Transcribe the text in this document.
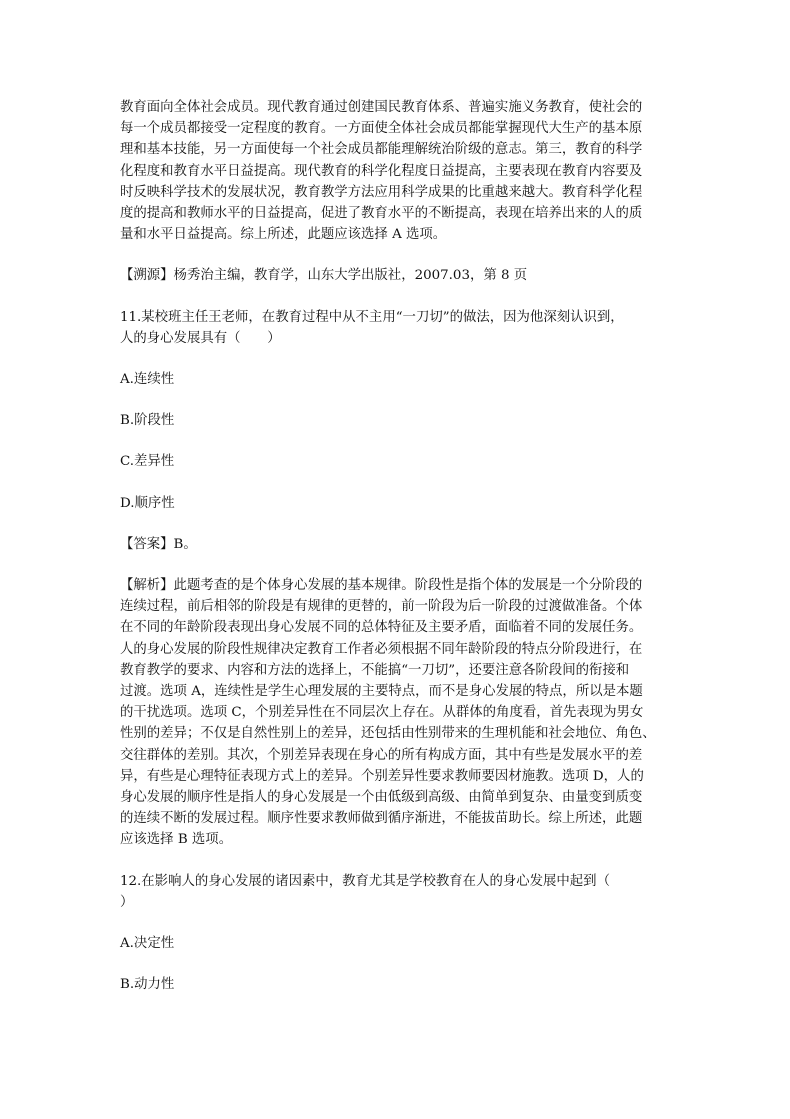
教育面向全体社会成员。现代教育通过创建国民教育体系、普遍实施义务教育，使社会的
每一个成员都接受一定程度的教育。一方面使全体社会成员都能掌握现代大生产的基本原
理和基本技能，另一方面使每一个社会成员都能理解统治阶级的意志。第三，教育的科学
化程度和教育水平日益提高。现代教育的科学化程度日益提高，主要表现在教育内容要及
时反映科学技术的发展状况，教育教学方法应用科学成果的比重越来越大。教育科学化程
度的提高和教师水平的日益提高，促进了教育水平的不断提高，表现在培养出来的人的质
量和水平日益提高。综上所述，此题应该选择 A 选项。

【溯源】杨秀治主编，教育学，山东大学出版社，2007.03，第 8 页

11.某校班主任王老师，在教育过程中从不主用“一刀切”的做法，因为他深刻认识到，
人的身心发展具有（　　）

A.连续性

B.阶段性

C.差异性

D.顺序性

【答案】B。

【解析】此题考查的是个体身心发展的基本规律。阶段性是指个体的发展是一个分阶段的
连续过程，前后相邻的阶段是有规律的更替的，前一阶段为后一阶段的过渡做准备。个体
在不同的年龄阶段表现出身心发展不同的总体特征及主要矛盾，面临着不同的发展任务。
人的身心发展的阶段性规律决定教育工作者必须根据不同年龄阶段的特点分阶段进行，在
教育教学的要求、内容和方法的选择上，不能搞“一刀切”，还要注意各阶段间的衔接和
过渡。选项 A，连续性是学生心理发展的主要特点，而不是身心发展的特点，所以是本题
的干扰选项。选项 C，个别差异性在不同层次上存在。从群体的角度看，首先表现为男女
性别的差异；不仅是自然性别上的差异，还包括由性别带来的生理机能和社会地位、角色、
交往群体的差别。其次，个别差异表现在身心的所有构成方面，其中有些是发展水平的差
异，有些是心理特征表现方式上的差异。个别差异性要求教师要因材施教。选项 D，人的
身心发展的顺序性是指人的身心发展是一个由低级到高级、由简单到复杂、由量变到质变
的连续不断的发展过程。顺序性要求教师做到循序渐进，不能拔苗助长。综上所述，此题
应该选择 B 选项。
12.在影响人的身心发展的诸因素中，教育尤其是学校教育在人的身心发展中起到（
）

A.决定性

B.动力性
